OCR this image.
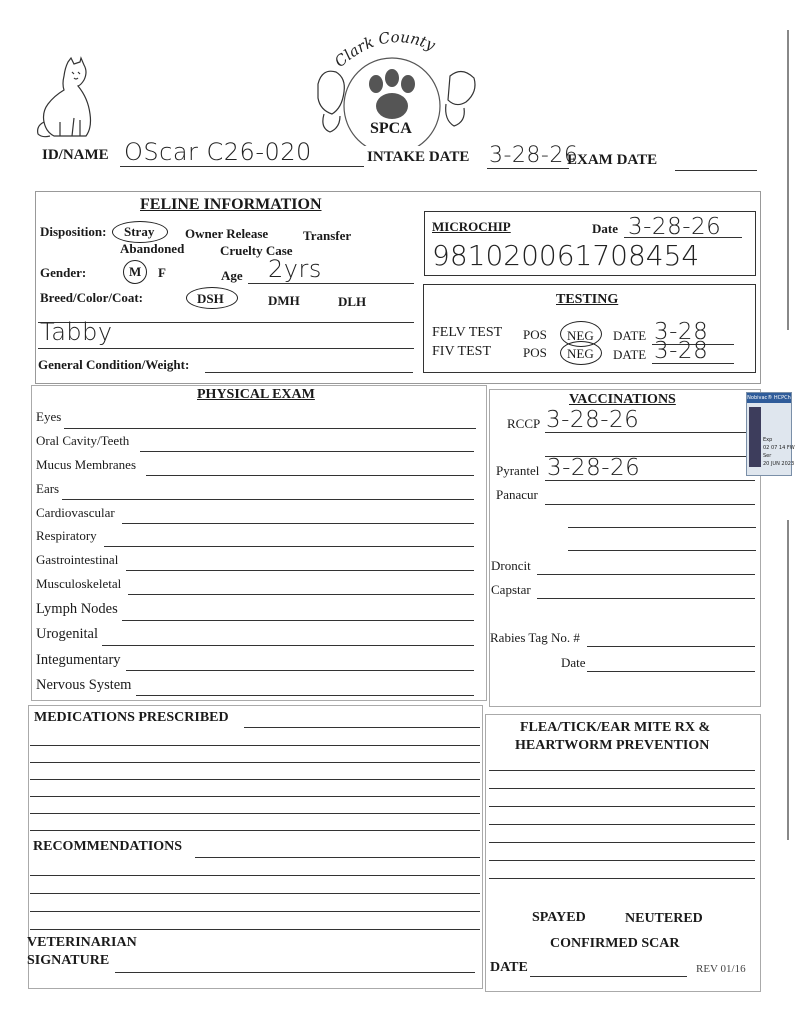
Clark County
SPCA
ID/NAME OScar C26-020	INTAKE DATE 3-28-26
EXAM DATE
FELINE INFORMATION
Disposition: Stray Owner Release	Transfer
Abandoned	Cruelty Case
Gender:	M F	Age 2yrs
Breed/Color/Coat:	DSH	DMH	DLH
Tabby
General Condition/Weight:
MICROCHIP	Date 3-28-26
981020061708454
TESTING
FELV TEST POS NEG DATE 3-28
FIV TEST POS NEG DATE 3-28
PHYSICAL EXAM
Eyes
Oral Cavity/Teeth
Mucus Membranes
Ears
Cardiovascular
Respiratory
Gastrointestinal
Musculoskeletal
Lymph Nodes
Urogenital
Integumentary
Nervous System
VACCINATIONS
RCCP 3-28-26
Pyrantel 3-28-26
Panacur
Droncit
Capstar
Rabies Tag No. #
Date
Nobivac® HCPCh
Exp
02 07 14 FW
Ser
20 JUN 2023
MEDICATIONS PRESCRIBED
RECOMMENDATIONS
VETERINARIAN
SIGNATURE
FLEA/TICK/EAR MITE RX &
HEARTWORM PREVENTION
SPAYED	NEUTERED
CONFIRMED SCAR
DATE	REV 01/16
